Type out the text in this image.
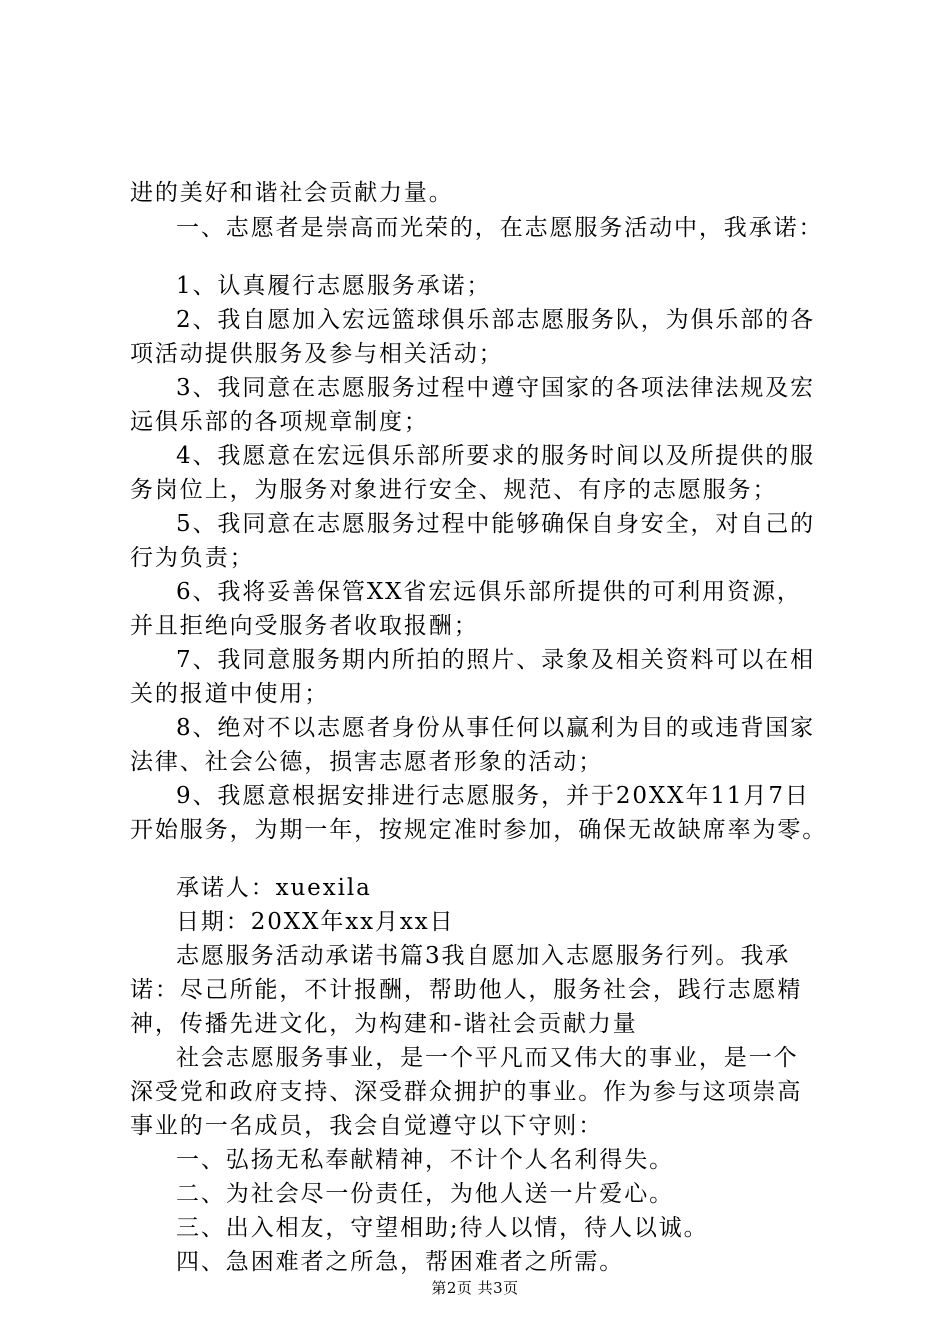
进的美好和谐社会贡献力量。
一、志愿者是崇高而光荣的，在志愿服务活动中，我承诺：
1、认真履行志愿服务承诺；
2、我自愿加入宏远篮球俱乐部志愿服务队，为俱乐部的各
项活动提供服务及参与相关活动；
3、我同意在志愿服务过程中遵守国家的各项法律法规及宏
远俱乐部的各项规章制度；
4、我愿意在宏远俱乐部所要求的服务时间以及所提供的服
务岗位上，为服务对象进行安全、规范、有序的志愿服务；
5、我同意在志愿服务过程中能够确保自身安全，对自己的
行为负责；
6、我将妥善保管XX省宏远俱乐部所提供的可利用资源，
并且拒绝向受服务者收取报酬；
7、我同意服务期内所拍的照片、录象及相关资料可以在相
关的报道中使用；
8、绝对不以志愿者身份从事任何以赢利为目的或违背国家
法律、社会公德，损害志愿者形象的活动；
9、我愿意根据安排进行志愿服务，并于20XX年11月7日
开始服务，为期一年，按规定准时参加，确保无故缺席率为零。
承诺人：xuexila
日期：20XX年xx月xx日
志愿服务活动承诺书篇3我自愿加入志愿服务行列。我承
诺：尽己所能，不计报酬，帮助他人，服务社会，践行志愿精
神，传播先进文化，为构建和-谐社会贡献力量
社会志愿服务事业，是一个平凡而又伟大的事业，是一个
深受党和政府支持、深受群众拥护的事业。作为参与这项崇高
事业的一名成员，我会自觉遵守以下守则：
一、弘扬无私奉献精神，不计个人名利得失。
二、为社会尽一份责任，为他人送一片爱心。
三、出入相友，守望相助;待人以情，待人以诚。
四、急困难者之所急，帮困难者之所需。
第2页 共3页
